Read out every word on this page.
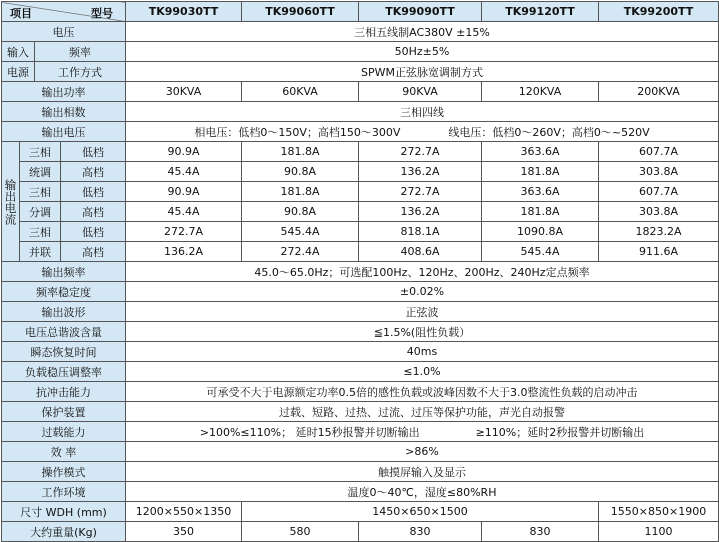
项目 型号				TK99030TT	TK99060TT	TK99090TT	TK99120TT	TK99200TT
电压				三相五线制AC380V ±15%				
输入		频率		50Hz±5%				
电源		工作方式		SPWM正弦脉宽调制方式				
输出功率				30KVA	60KVA	90KVA	120KVA	200KVA
输出相数				三相四线				
输出电压				相电压：低档0～150V；高档150～300V 线电压：低档0～260V；高档0～~520V				
输出电流	三相		低档	90.9A	181.8A	272.7A	363.6A	607.7A
	统调		高档	45.4A	90.8A	136.2A	181.8A	303.8A
	三相		低档	90.9A	181.8A	272.7A	363.6A	607.7A
	分调		高档	45.4A	90.8A	136.2A	181.8A	303.8A
	三相		低档	272.7A	545.4A	818.1A	1090.8A	1823.2A
	并联		高档	136.2A	272.4A	408.6A	545.4A	911.6A
输出频率				45.0～65.0Hz；可选配100Hz、120Hz、200Hz、240Hz定点频率				
频率稳定度				±0.02%				
输出波形				正弦波				
电压总谐波含量				≦1.5%(阻性负载）				
瞬态恢复时间				40ms				
负载稳压调整率				≤1.0%				
抗冲击能力				可承受不大于电源额定功率0.5倍的感性负载或波峰因数不大于3.0整流性负载的启动冲击				
保护装置				过载、短路、过热、过流、过压等保护功能，声光自动报警				
过载能力				>100%≤110%； 延时15秒报警并切断输出 ≥110%；延时2秒报警并切断输出				
效 率				>86%				
操作模式				触摸屏输入及显示				
工作环境				温度0～40℃，湿度≤80%RH				
尺寸 WDH (mm)				1200×550×1350	1450×650×1500			1550×850×1900
大约重量(Kg)				350	580	830	830	1100
